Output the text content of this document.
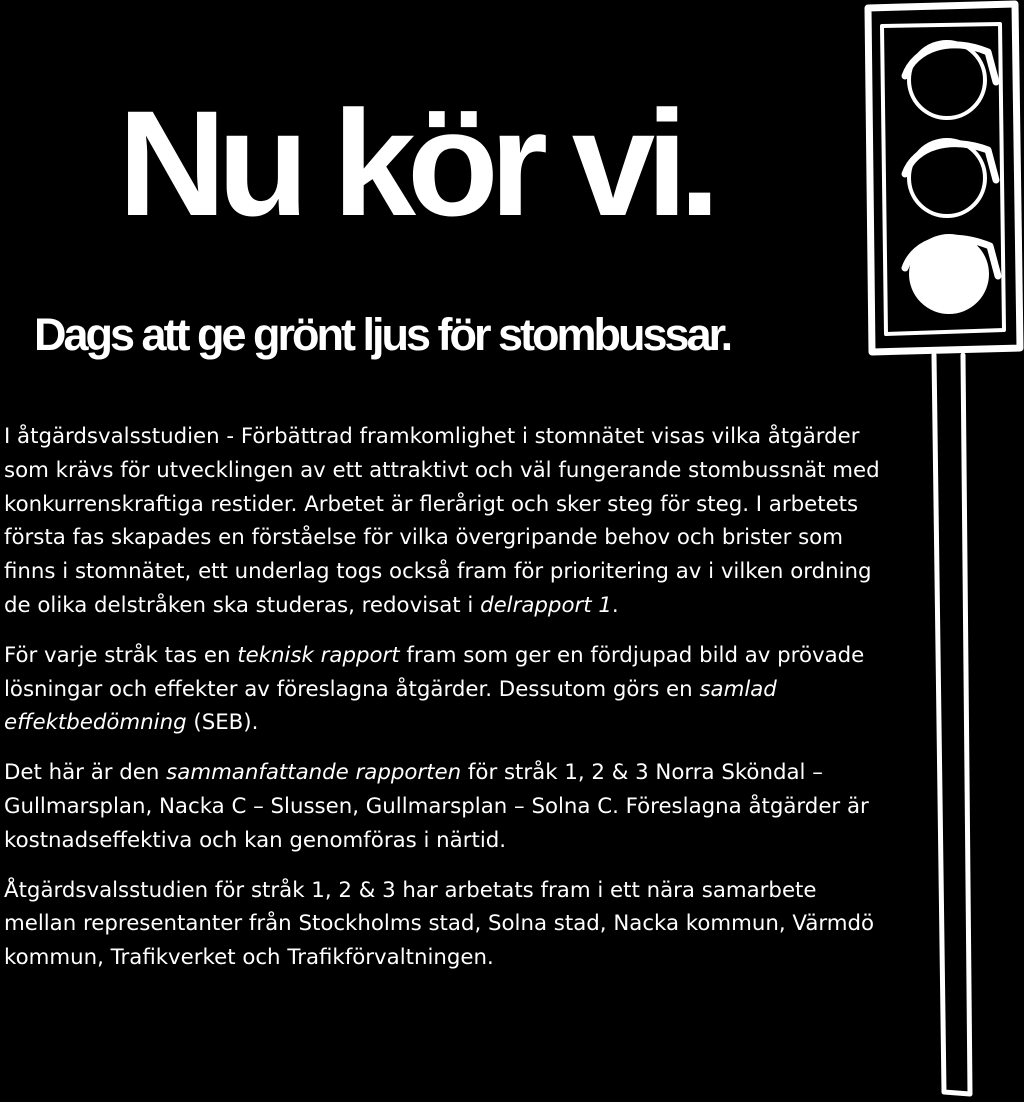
Nu kör vi.
Dags att ge grönt ljus för stombussar.

I åtgärdsvalsstudien - Förbättrad framkomlighet i stomnätet visas vilka åtgärder som krävs för utvecklingen av ett attraktivt och väl fungerande stombussnät med konkurrenskraftiga restider. Arbetet är flerårigt och sker steg för steg. I arbetets första fas skapades en förståelse för vilka övergripande behov och brister som finns i stomnätet, ett underlag togs också fram för prioritering av i vilken ordning de olika delstråken ska studeras, redovisat i delrapport 1.

För varje stråk tas en teknisk rapport fram som ger en fördjupad bild av prövade lösningar och effekter av föreslagna åtgärder. Dessutom görs en samlad effektbedömning (SEB).

Det här är den sammanfattande rapporten för stråk 1, 2 & 3 Norra Sköndal – Gullmarsplan, Nacka C – Slussen, Gullmarsplan – Solna C. Föreslagna åtgärder är kostnadseffektiva och kan genomföras i närtid.

Åtgärdsvalsstudien för stråk 1, 2 & 3 har arbetats fram i ett nära samarbete mellan representanter från Stockholms stad, Solna stad, Nacka kommun, Värmdö kommun, Trafikverket och Trafikförvaltningen.
